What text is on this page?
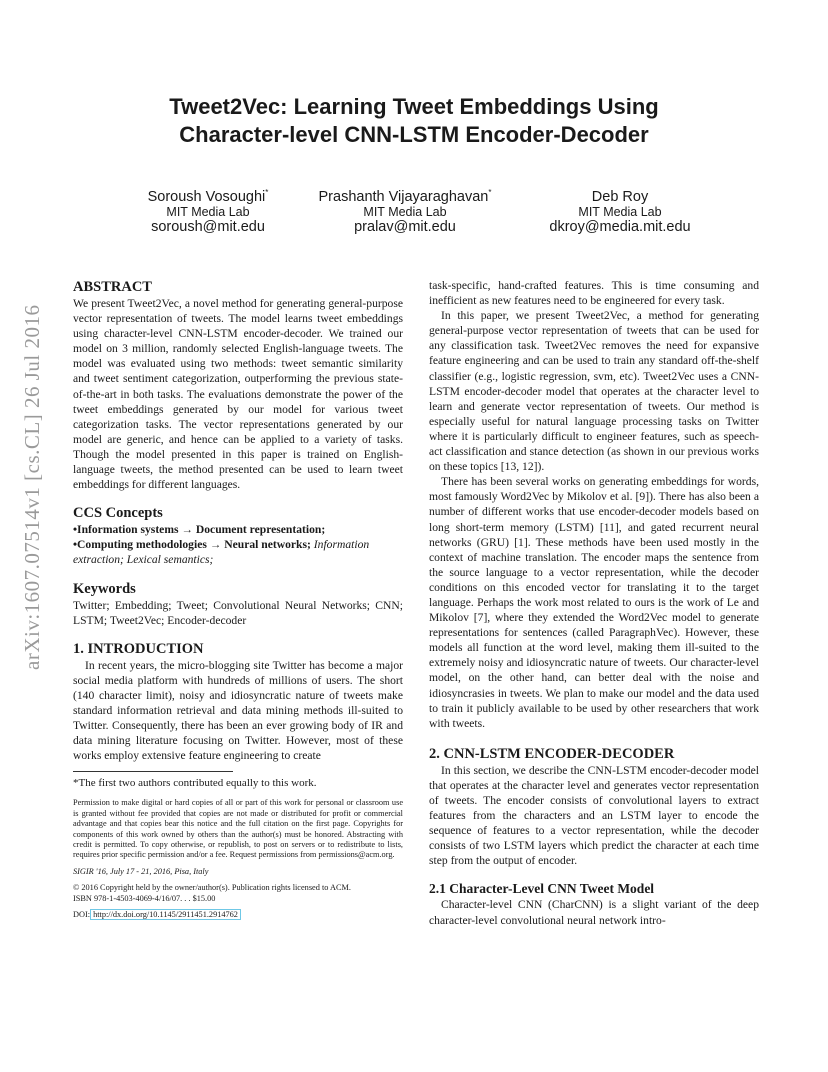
arXiv:1607.07514v1 [cs.CL] 26 Jul 2016
Tweet2Vec: Learning Tweet Embeddings Using
Character-level CNN-LSTM Encoder-Decoder
Soroush Vosoughi*
MIT Media Lab
soroush@mit.edu
Prashanth Vijayaraghavan*
MIT Media Lab
pralav@mit.edu
Deb Roy
MIT Media Lab
dkroy@media.mit.edu
ABSTRACT

We present Tweet2Vec, a novel method for generating general-purpose vector representation of tweets. The model learns tweet embeddings using character-level CNN-LSTM encoder-decoder. We trained our model on 3 million, randomly selected English-language tweets. The model was evaluated using two methods: tweet semantic similarity and tweet sentiment categorization, outperforming the previous state-of-the-art in both tasks. The evaluations demonstrate the power of the tweet embeddings generated by our model for various tweet categorization tasks. The vector representations generated by our model are generic, and hence can be applied to a variety of tasks. Though the model presented in this paper is trained on English-language tweets, the method presented can be used to learn tweet embeddings for different languages.

CCS Concepts

•Information systems → Document representation;
•Computing methodologies → Neural networks; Information extraction; Lexical semantics;

Keywords

Twitter; Embedding; Tweet; Convolutional Neural Networks; CNN; LSTM; Tweet2Vec; Encoder-decoder

1. INTRODUCTION

In recent years, the micro-blogging site Twitter has become a major social media platform with hundreds of millions of users. The short (140 character limit), noisy and idiosyncratic nature of tweets make standard information retrieval and data mining methods ill-suited to Twitter. Consequently, there has been an ever growing body of IR and data mining literature focusing on Twitter. However, most of these works employ extensive feature engineering to create

*The first two authors contributed equally to this work.

Permission to make digital or hard copies of all or part of this work for personal or classroom use is granted without fee provided that copies are not made or distributed for profit or commercial advantage and that copies bear this notice and the full citation on the first page. Copyrights for components of this work owned by others than the author(s) must be honored. Abstracting with credit is permitted. To copy otherwise, or republish, to post on servers or to redistribute to lists, requires prior specific permission and/or a fee. Request permissions from permissions@acm.org.

SIGIR '16, July 17 - 21, 2016, Pisa, Italy

© 2016 Copyright held by the owner/author(s). Publication rights licensed to ACM.

ISBN 978-1-4503-4069-4/16/07. . . $15.00

DOI: http://dx.doi.org/10.1145/2911451.2914762

task-specific, hand-crafted features. This is time consuming and inefficient as new features need to be engineered for every task.

In this paper, we present Tweet2Vec, a method for generating general-purpose vector representation of tweets that can be used for any classification task. Tweet2Vec removes the need for expansive feature engineering and can be used to train any standard off-the-shelf classifier (e.g., logistic regression, svm, etc). Tweet2Vec uses a CNN-LSTM encoder-decoder model that operates at the character level to learn and generate vector representation of tweets. Our method is especially useful for natural language processing tasks on Twitter where it is particularly difficult to engineer features, such as speech-act classification and stance detection (as shown in our previous works on these topics [13, 12]).

There has been several works on generating embeddings for words, most famously Word2Vec by Mikolov et al. [9]). There has also been a number of different works that use encoder-decoder models based on long short-term memory (LSTM) [11], and gated recurrent neural networks (GRU) [1]. These methods have been used mostly in the context of machine translation. The encoder maps the sentence from the source language to a vector representation, while the decoder conditions on this encoded vector for translating it to the target language. Perhaps the work most related to ours is the work of Le and Mikolov [7], where they extended the Word2Vec model to generate representations for sentences (called ParagraphVec). However, these models all function at the word level, making them ill-suited to the extremely noisy and idiosyncratic nature of tweets. Our character-level model, on the other hand, can better deal with the noise and idiosyncrasies in tweets. We plan to make our model and the data used to train it publicly available to be used by other researchers that work with tweets.

2. CNN-LSTM ENCODER-DECODER

In this section, we describe the CNN-LSTM encoder-decoder model that operates at the character level and generates vector representation of tweets. The encoder consists of convolutional layers to extract features from the characters and an LSTM layer to encode the sequence of features to a vector representation, while the decoder consists of two LSTM layers which predict the character at each time step from the output of encoder.

2.1 Character-Level CNN Tweet Model

Character-level CNN (CharCNN) is a slight variant of the deep character-level convolutional neural network intro-
